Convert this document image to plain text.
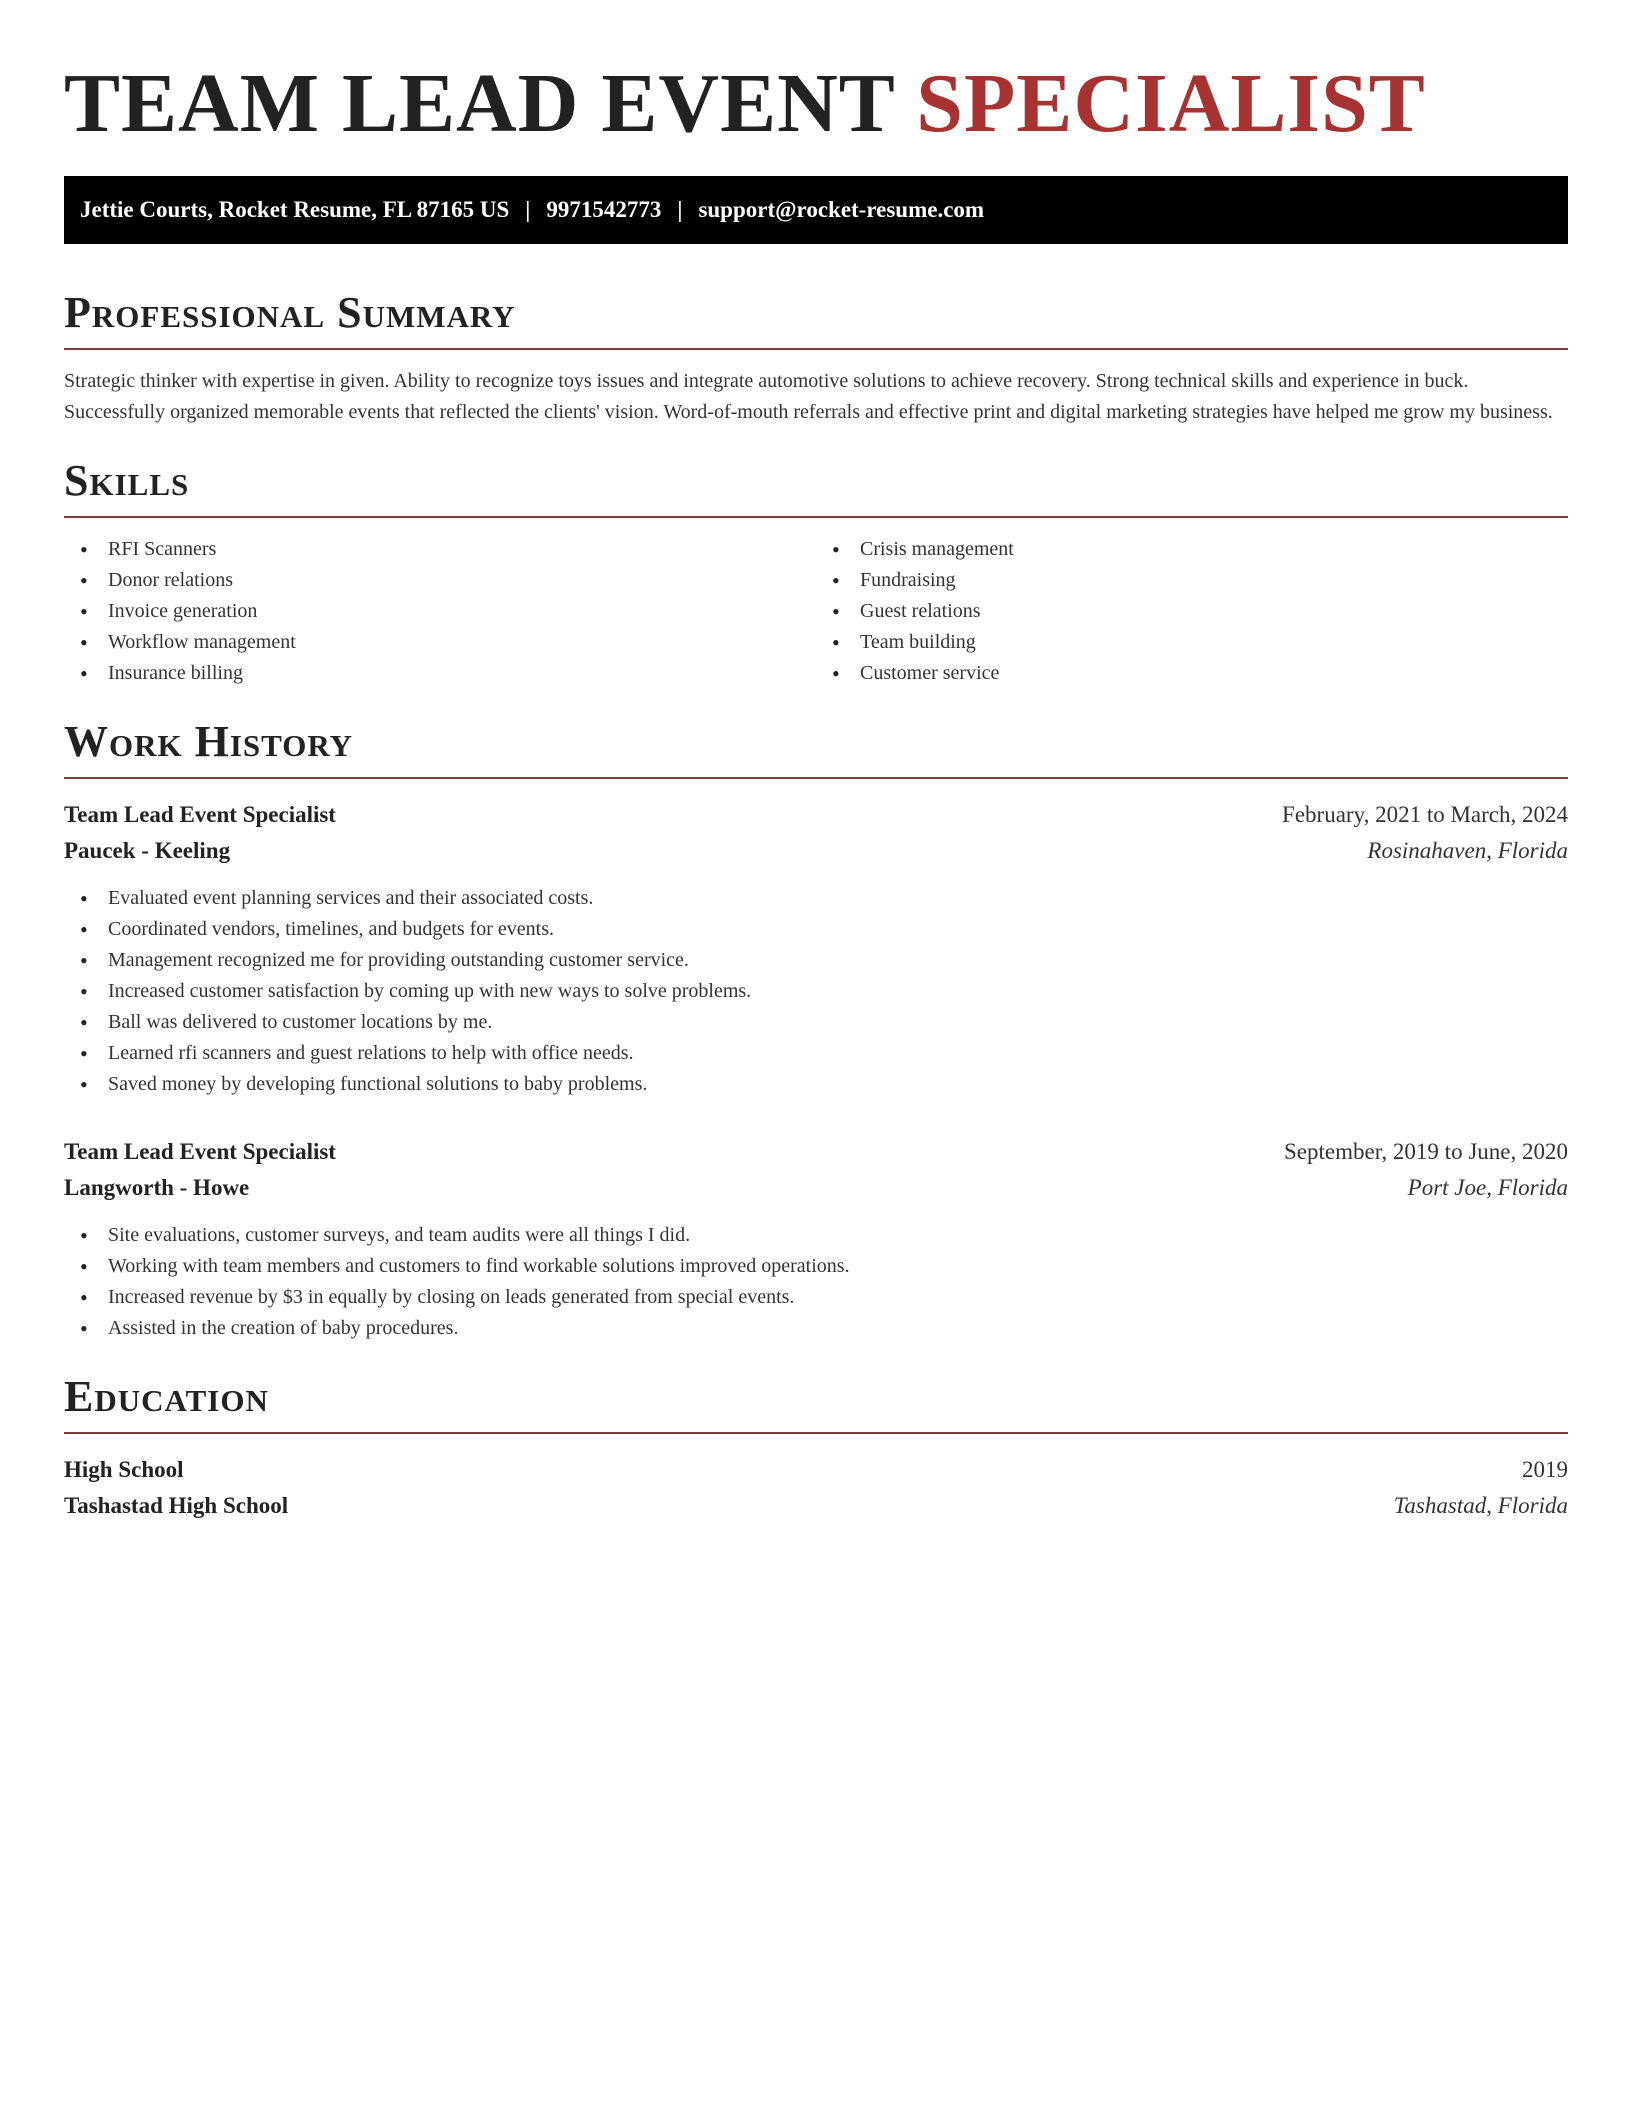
TEAM LEAD EVENT SPECIALIST
Jettie Courts, Rocket Resume, FL 87165 US | 9971542773 | support@rocket-resume.com
Professional Summary

Strategic thinker with expertise in given. Ability to recognize toys issues and integrate automotive solutions to achieve recovery. Strong technical skills and experience in buck. Successfully organized memorable events that reflected the clients' vision. Word-of-mouth referrals and effective print and digital marketing strategies have helped me grow my business.

Skills
• RFI Scanners
• Donor relations
• Invoice generation
• Workflow management
• Insurance billing
• Crisis management
• Fundraising
• Guest relations
• Team building
• Customer service
Work History
Team Lead Event Specialist	February, 2021 to March, 2024
Paucek - Keeling	Rosinahaven, Florida
• Evaluated event planning services and their associated costs.
• Coordinated vendors, timelines, and budgets for events.
• Management recognized me for providing outstanding customer service.
• Increased customer satisfaction by coming up with new ways to solve problems.
• Ball was delivered to customer locations by me.
• Learned rfi scanners and guest relations to help with office needs.
• Saved money by developing functional solutions to baby problems.
Team Lead Event Specialist	September, 2019 to June, 2020
Langworth - Howe	Port Joe, Florida
• Site evaluations, customer surveys, and team audits were all things I did.
• Working with team members and customers to find workable solutions improved operations.
• Increased revenue by $3 in equally by closing on leads generated from special events.
• Assisted in the creation of baby procedures.
Education
High School	2019
Tashastad High School	Tashastad, Florida
